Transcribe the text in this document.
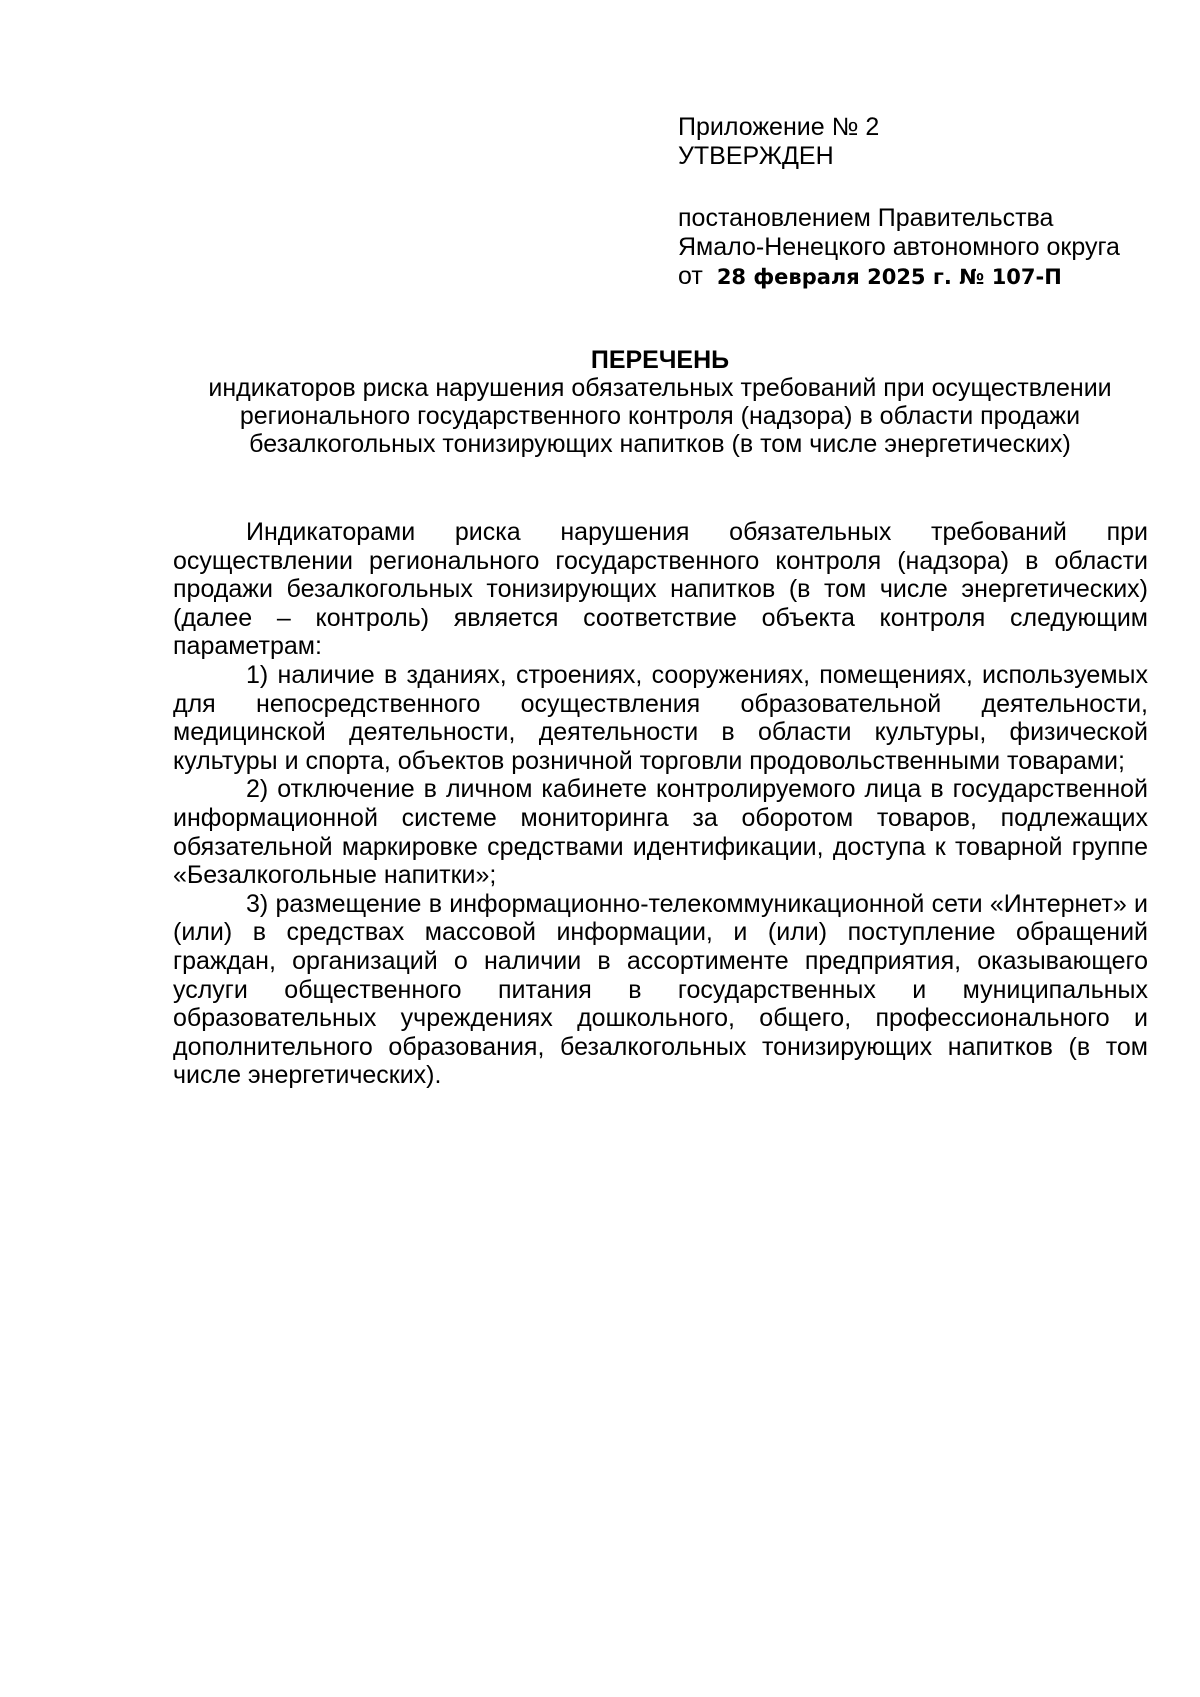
Приложение № 2
УТВЕРЖДЕН
постановлением Правительства
Ямало-Ненецкого автономного округа
от 28 февраля 2025 г. № 107-П
ПЕРЕЧЕНЬ
индикаторов риска нарушения обязательных требований при осуществлении
регионального государственного контроля (надзора) в области продажи
безалкогольных тонизирующих напитков (в том числе энергетических)

Индикаторами риска нарушения обязательных требований при осуществлении регионального государственного контроля (надзора) в области продажи безалкогольных тонизирующих напитков (в том числе энергетических) (далее – контроль) является соответствие объекта контроля следующим параметрам:

1) наличие в зданиях, строениях, сооружениях, помещениях, используемых для непосредственного осуществления образовательной деятельности, медицинской деятельности, деятельности в области культуры, физической культуры и спорта, объектов розничной торговли продовольственными товарами;

2) отключение в личном кабинете контролируемого лица в государственной информационной системе мониторинга за оборотом товаров, подлежащих обязательной маркировке средствами идентификации, доступа к товарной группе «Безалкогольные напитки»;

3) размещение в информационно-телекоммуникационной сети «Интернет» и (или) в средствах массовой информации, и (или) поступление обращений граждан, организаций о наличии в ассортименте предприятия, оказывающего услуги общественного питания в государственных и муниципальных образовательных учреждениях дошкольного, общего, профессионального и дополнительного образования, безалкогольных тонизирующих напитков (в том числе энергетических).
